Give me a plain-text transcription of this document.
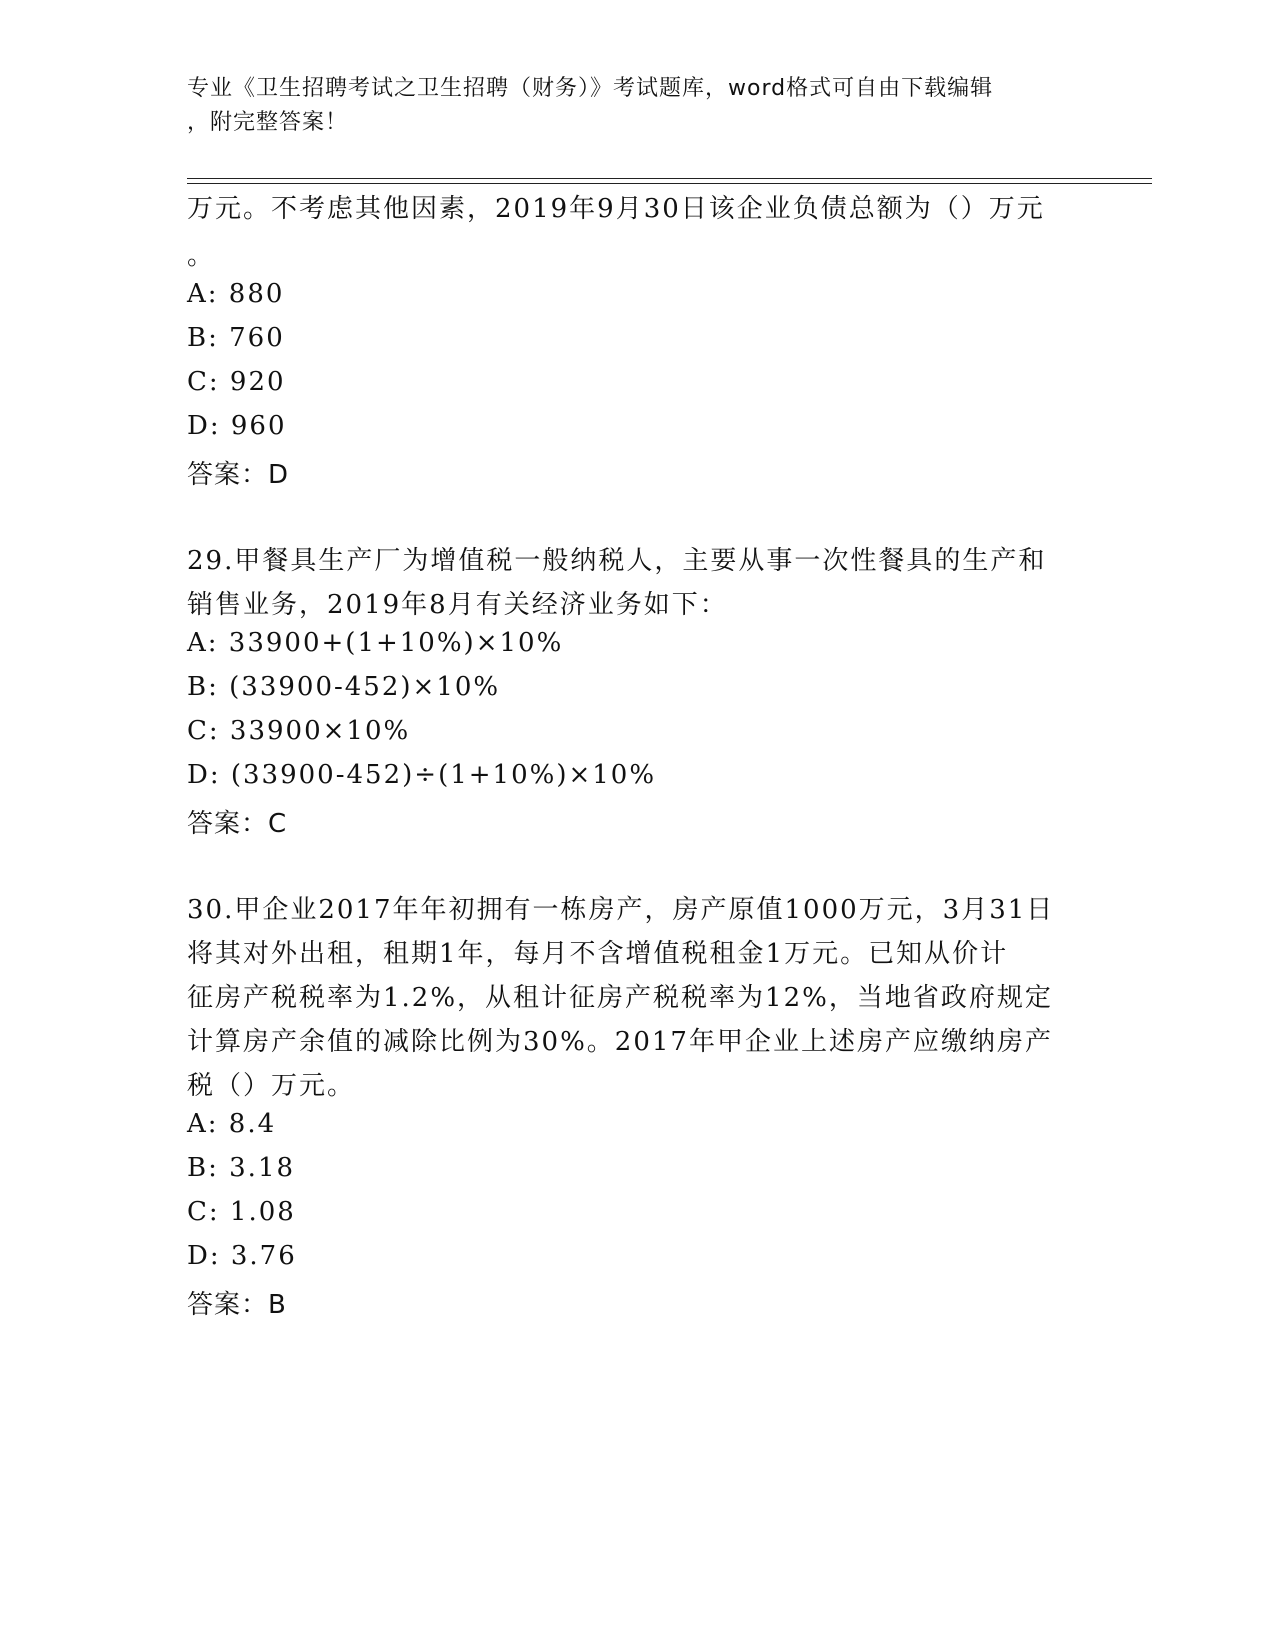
专业《卫生招聘考试之卫生招聘（财务）》考试题库，word格式可自由下载编辑
，附完整答案！
万元。不考虑其他因素，2019年9月30日该企业负债总额为（）万元
。
A: 880
B: 760
C: 920
D: 960
答案：D
29.甲餐具生产厂为增值税一般纳税人，主要从事一次性餐具的生产和
销售业务，2019年8月有关经济业务如下：
A: 33900+(1+10%)×10%
B: (33900-452)×10%
C: 33900×10%
D: (33900-452)÷(1+10%)×10%
答案：C
30.甲企业2017年年初拥有一栋房产，房产原值1000万元，3月31日
将其对外出租，租期1年，每月不含增值税租金1万元。已知从价计
征房产税税率为1.2%，从租计征房产税税率为12%，当地省政府规定
计算房产余值的减除比例为30%。2017年甲企业上述房产应缴纳房产
税（）万元。
A: 8.4
B: 3.18
C: 1.08
D: 3.76
答案：B
